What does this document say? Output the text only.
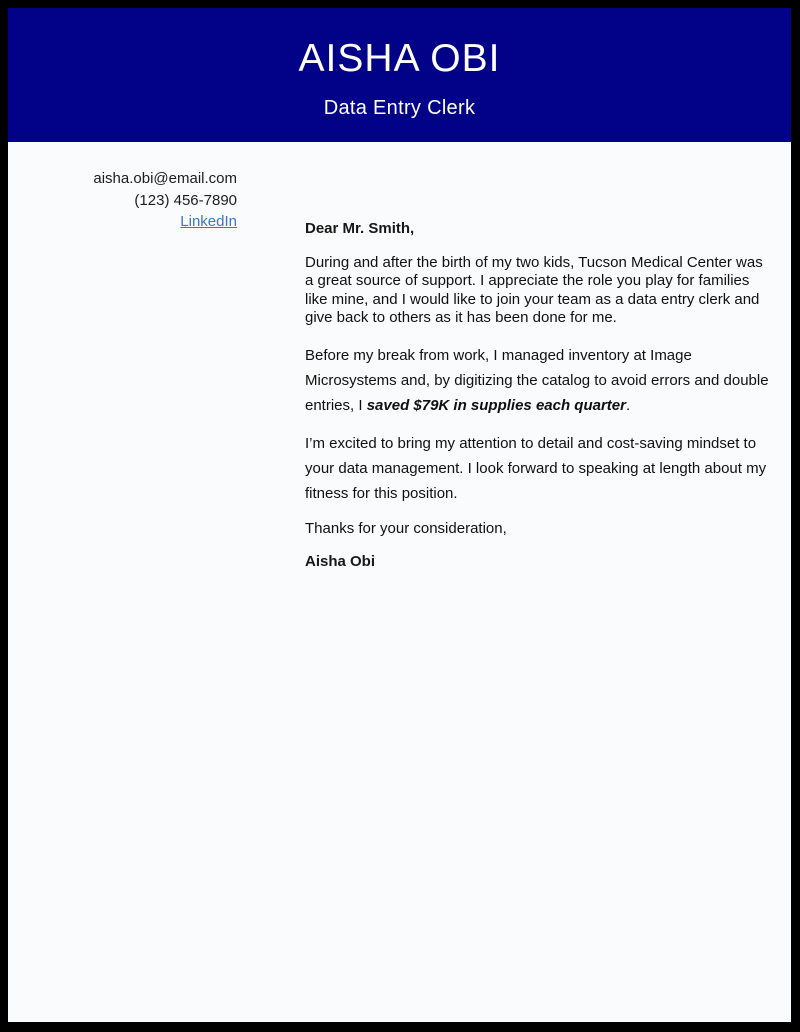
AISHA OBI
Data Entry Clerk
aisha.obi@email.com
(123) 456-7890
LinkedIn	Dear Mr. Smith,

During and after the birth of my two kids, Tucson Medical Center was a great source of support. I appreciate the role you play for families like mine, and I would like to join your team as a data entry clerk and give back to others as it has been done for me.

Before my break from work, I managed inventory at Image Microsystems and, by digitizing the catalog to avoid errors and double entries, I saved $79K in supplies each quarter.

I’m excited to bring my attention to detail and cost-saving mindset to your data management. I look forward to speaking at length about my fitness for this position.

Thanks for your consideration,

Aisha Obi
